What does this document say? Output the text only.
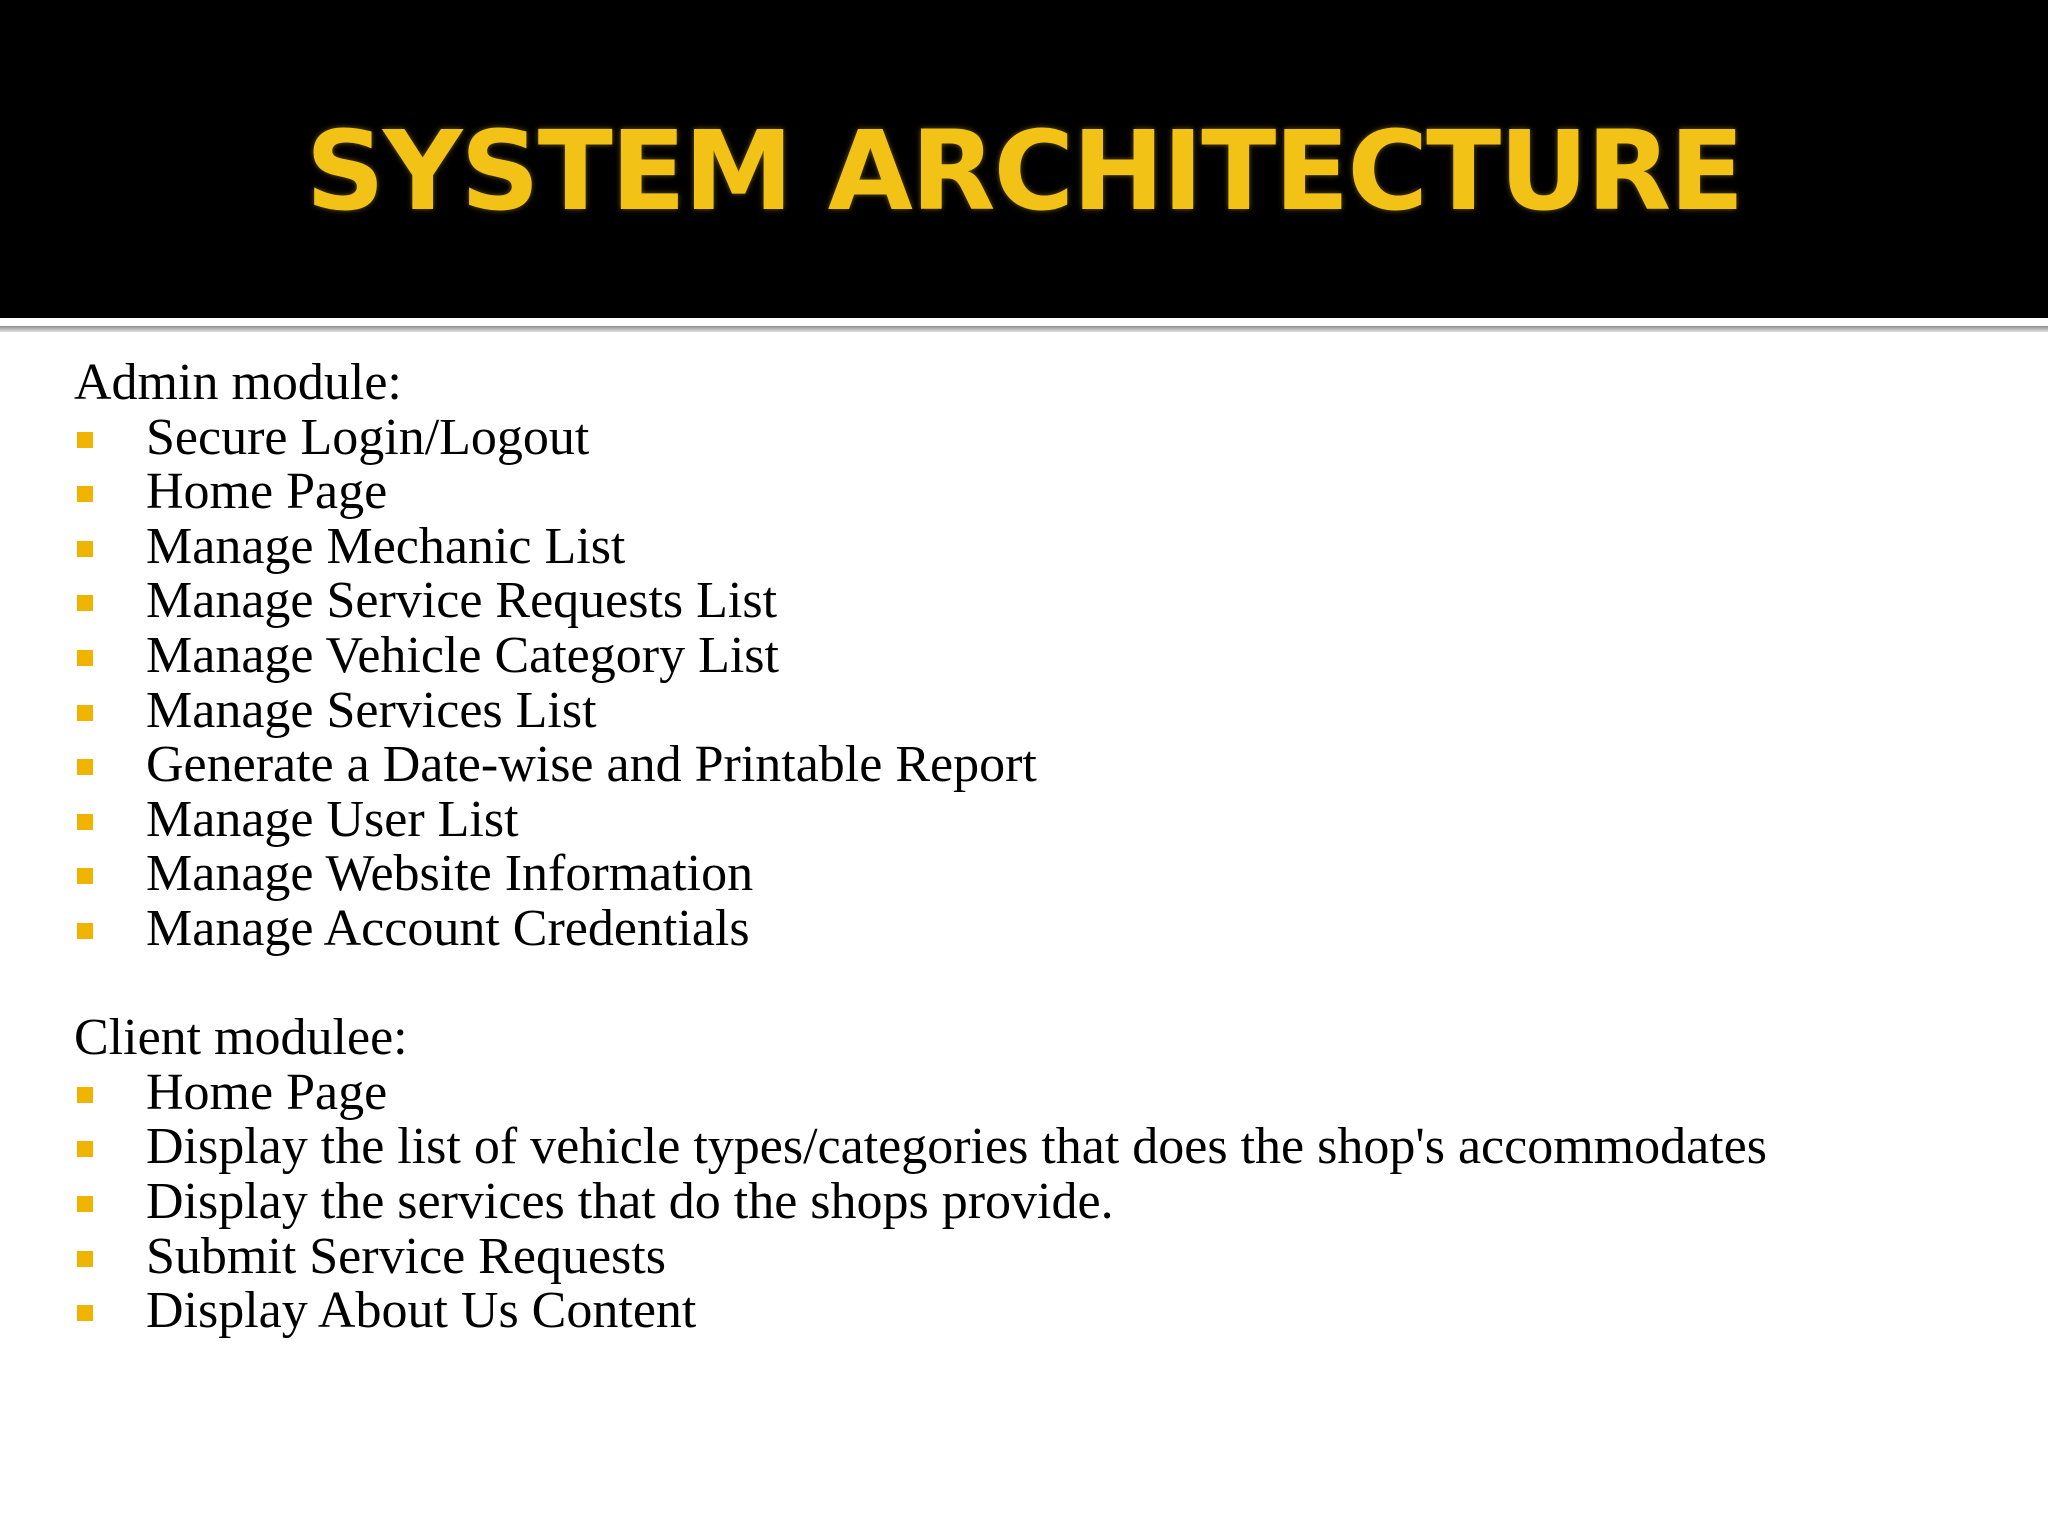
SYSTEM ARCHITECTURE

Admin module:

Secure Login/Logout
Home Page
Manage Mechanic List
Manage Service Requests List
Manage Vehicle Category List
Manage Services List
Generate a Date-wise and Printable Report
Manage User List
Manage Website Information
Manage Account Credentials

Client modulee:

Home Page
Display the list of vehicle types/categories that does the shop's accommodates
Display the services that do the shops provide.
Submit Service Requests
Display About Us Content
